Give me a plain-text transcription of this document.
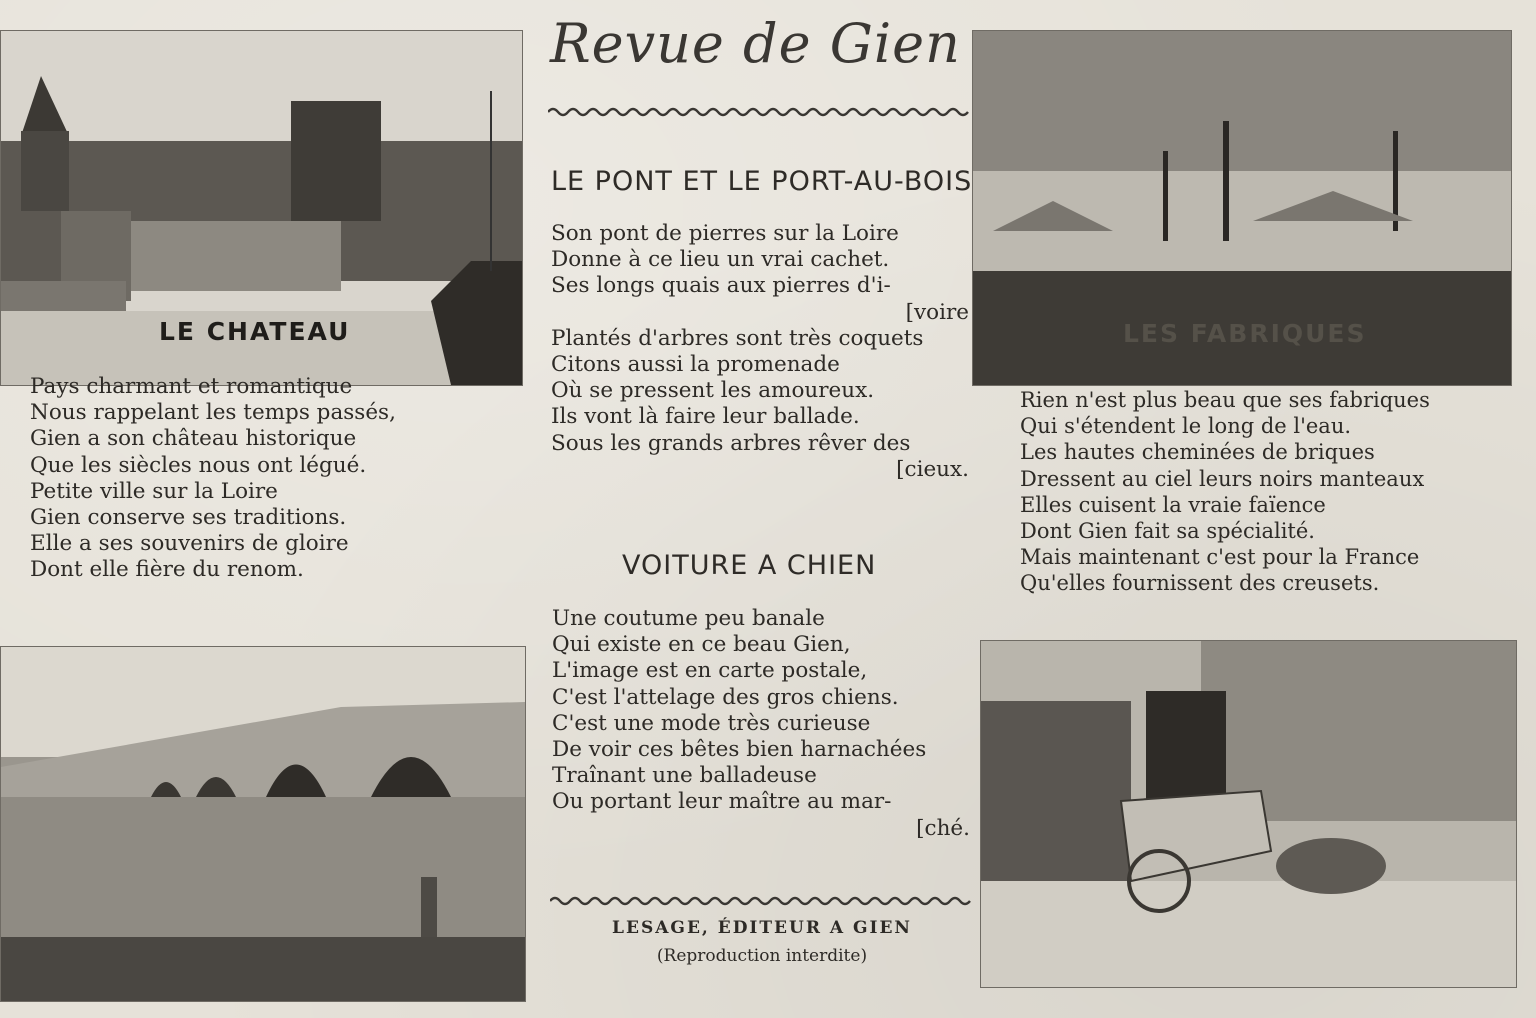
LE CHATEAU	LES FABRIQUES
Revue de Gien
LE PONT ET LE PORT-AU-BOIS
Son pont de pierres sur la Loire
Donne à ce lieu un vrai cachet.
Ses longs quais aux pierres d'i-
[voire
Plantés d'arbres sont très coquets
Citons aussi la promenade
Où se pressent les amoureux.
Ils vont là faire leur ballade.
Sous les grands arbres rêver des
[cieux.
VOITURE A CHIEN
Une coutume peu banale
Qui existe en ce beau Gien,
L'image est en carte postale,
C'est l'attelage des gros chiens.
C'est une mode très curieuse
De voir ces bêtes bien harnachées
Traînant une balladeuse
Ou portant leur maître au mar-
[ché.
Pays charmant et romantique
Nous rappelant les temps passés,
Gien a son château historique
Que les siècles nous ont légué.
Petite ville sur la Loire
Gien conserve ses traditions.
Elle a ses souvenirs de gloire
Dont elle fière du renom.
Rien n'est plus beau que ses fabriques
Qui s'étendent le long de l'eau.
Les hautes cheminées de briques
Dressent au ciel leurs noirs manteaux
Elles cuisent la vraie faïence
Dont Gien fait sa spécialité.
Mais maintenant c'est pour la France
Qu'elles fournissent des creusets.
LESAGE, ÉDITEUR A GIEN
(Reproduction interdite)
